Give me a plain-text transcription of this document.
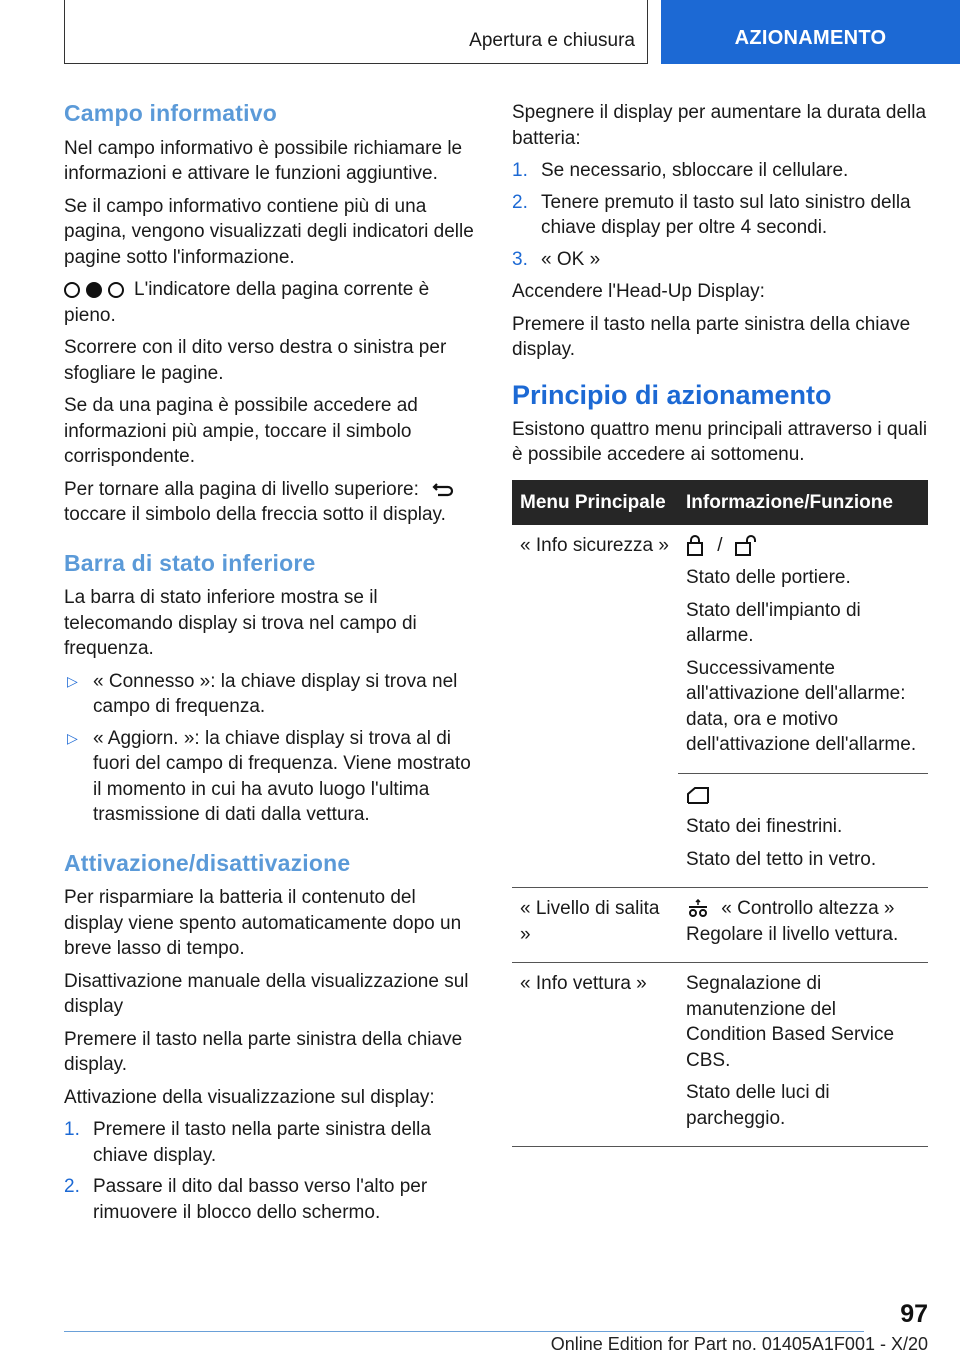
Apertura e chiusura	AZIONAMENTO
Campo informativo

Nel campo informativo è possibile richiamare le informazioni e attivare le funzioni aggiuntive.

Se il campo informativo contiene più di una pagina, vengono visualizzati degli indicatori delle pagine sotto l'informazione.

L'indicatore della pagina corrente è pieno.

Scorrere con il dito verso destra o sinistra per sfogliare le pagine.

Se da una pagina è possibile accedere ad informazioni più ampie, toccare il simbolo corrispondente.

Per tornare alla pagina di livello superiore:
toccare il simbolo della freccia sotto il display.

Barra di stato inferiore

La barra di stato inferiore mostra se il telecomando display si trova nel campo di frequenza.

▷ « Connesso »: la chiave display si trova nel campo di frequenza.
▷ « Aggiorn. »: la chiave display si trova al di fuori del campo di frequenza. Viene mostrato il momento in cui ha avuto luogo l'ultima trasmissione di dati dalla vettura.
Attivazione/disattivazione

Per risparmiare la batteria il contenuto del display viene spento automaticamente dopo un breve lasso di tempo.

Disattivazione manuale della visualizzazione sul display

Premere il tasto nella parte sinistra della chiave display.

Attivazione della visualizzazione sul display:

1. Premere il tasto nella parte sinistra della chiave display.
2. Passare il dito dal basso verso l'alto per rimuovere il blocco dello schermo.

Spegnere il display per aumentare la durata della batteria:

1. Se necessario, sbloccare il cellulare.
2. Tenere premuto il tasto sul lato sinistro della chiave display per oltre 4 secondi.
3. « OK »

Accendere l'Head-Up Display:

Premere il tasto nella parte sinistra della chiave display.

Principio di azionamento

Esistono quattro menu principali attraverso i quali è possibile accedere ai sottomenu.

Menu Principale	Informazione/Funzione
« Info sicurezza »	/

Stato delle portiere.

Stato dell'impianto di allarme.

Successivamente all'attivazione dell'allarme: data, ora e motivo dell'attivazione dell'allarme.

	Stato dei finestrini.

Stato del tetto in vetro.

« Livello di salita »	« Controllo altezza »
Regolare il livello vettura.

« Info vettura »	Segnalazione di manutenzione del Condition Based Service CBS.

Stato delle luci di parcheggio.

97
Online Edition for Part no. 01405A1F001 - X/20
